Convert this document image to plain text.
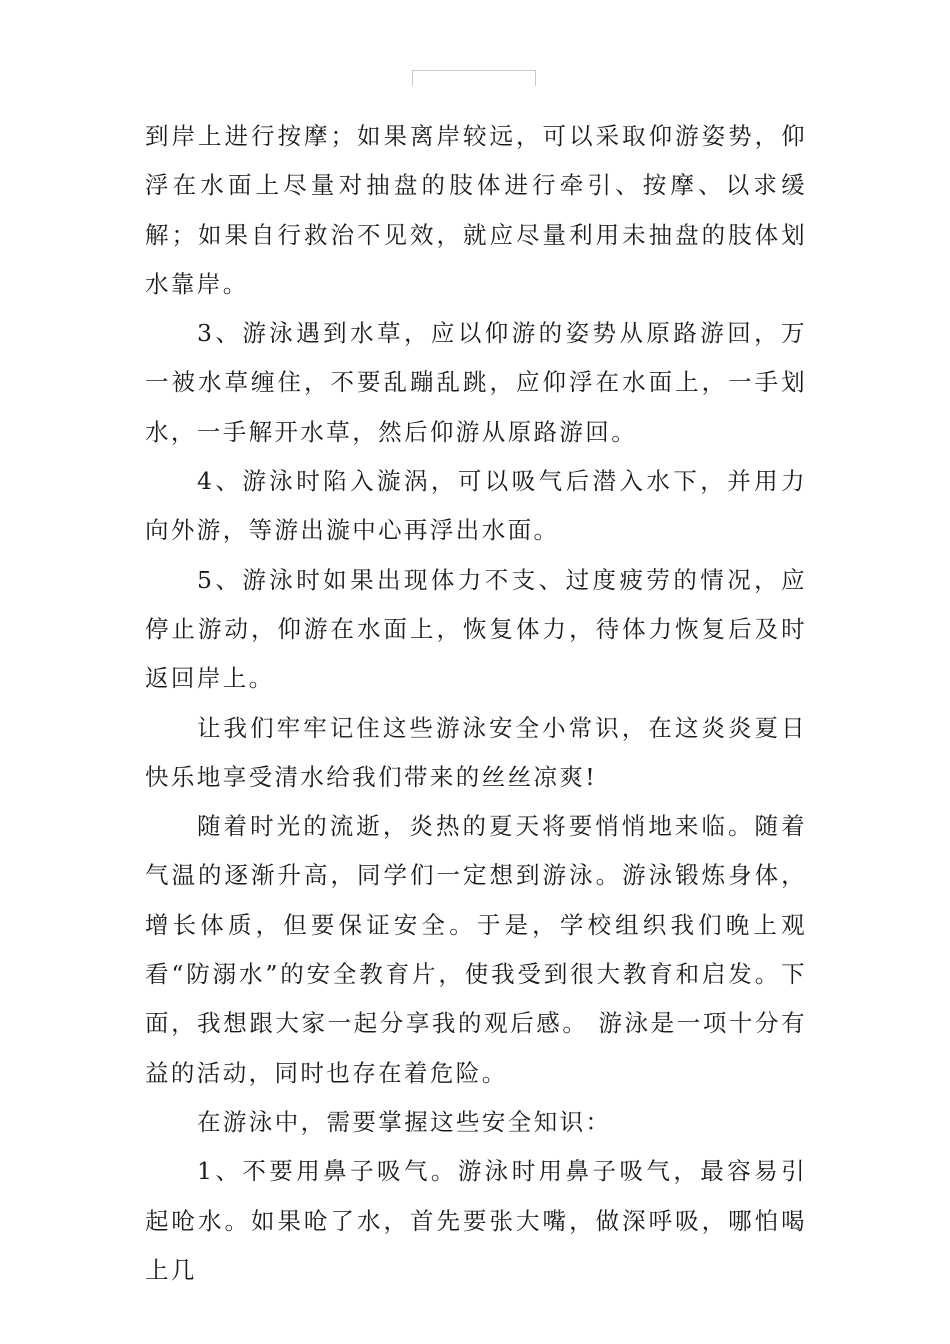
到岸上进行按摩；如果离岸较远，可以采取仰游姿势，仰浮在水面上尽量对抽盘的肢体进行牵引、按摩、以求缓解；如果自行救治不见效，就应尽量利用未抽盘的肢体划水靠岸。

3、游泳遇到水草，应以仰游的姿势从原路游回，万一被水草缠住，不要乱蹦乱跳，应仰浮在水面上，一手划水，一手解开水草，然后仰游从原路游回。

4、游泳时陷入漩涡，可以吸气后潜入水下，并用力向外游，等游出漩中心再浮出水面。

5、游泳时如果出现体力不支、过度疲劳的情况，应停止游动，仰游在水面上，恢复体力，待体力恢复后及时返回岸上。

让我们牢牢记住这些游泳安全小常识，在这炎炎夏日快乐地享受清水给我们带来的丝丝凉爽!

随着时光的流逝，炎热的夏天将要悄悄地来临。随着气温的逐渐升高，同学们一定想到游泳。游泳锻炼身体，增长体质，但要保证安全。于是，学校组织我们晚上观看“防溺水”的安全教育片，使我受到很大教育和启发。下面，我想跟大家一起分享我的观后感。 游泳是一项十分有益的活动，同时也存在着危险。

在游泳中，需要掌握这些安全知识：

1、不要用鼻子吸气。游泳时用鼻子吸气，最容易引起呛水。如果呛了水，首先要张大嘴，做深呼吸，哪怕喝上几
